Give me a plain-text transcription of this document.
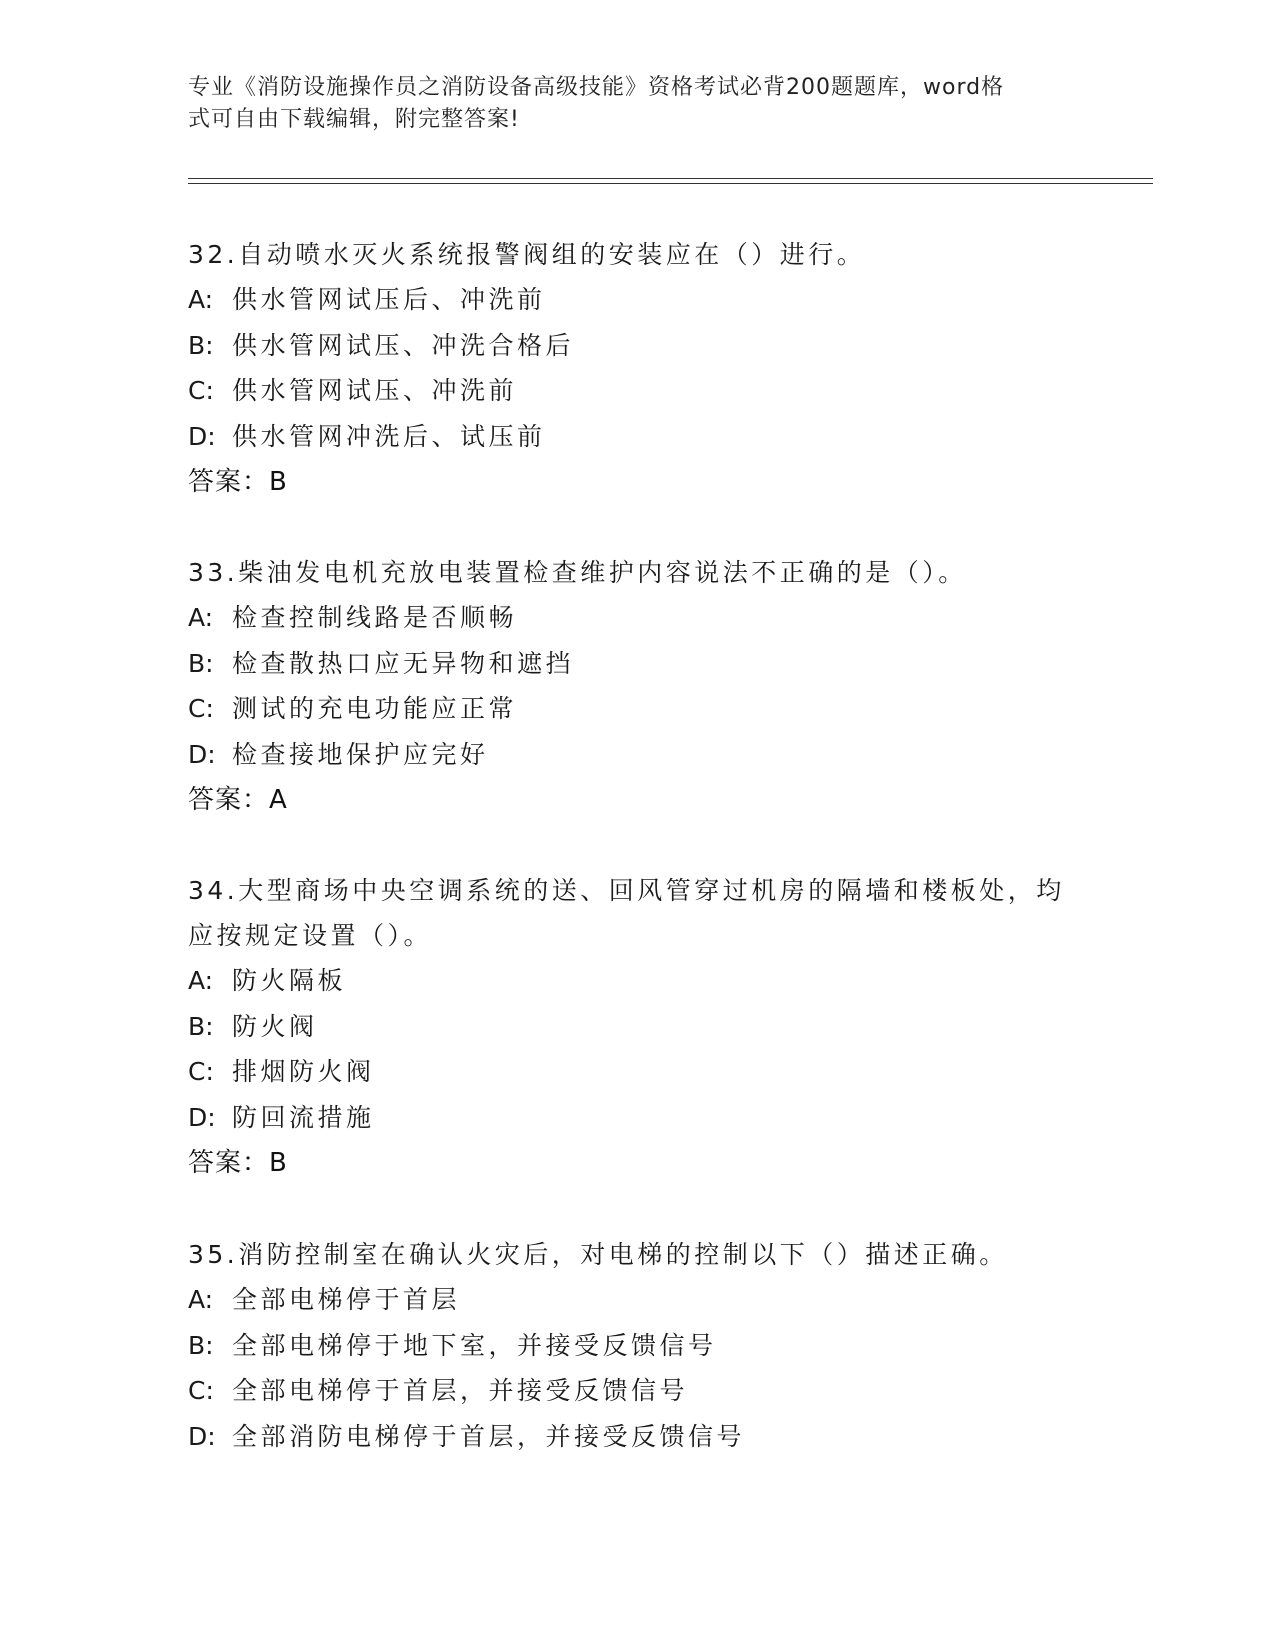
专业《消防设施操作员之消防设备高级技能》资格考试必背200题题库，word格
式可自由下载编辑，附完整答案!

32.自动喷水灭火系统报警阀组的安装应在（）进行。

A: 供水管网试压后、冲洗前

B: 供水管网试压、冲洗合格后

C: 供水管网试压、冲洗前

D: 供水管网冲洗后、试压前

答案：B

33.柴油发电机充放电装置检查维护内容说法不正确的是（）。

A: 检查控制线路是否顺畅

B: 检查散热口应无异物和遮挡

C: 测试的充电功能应正常

D: 检查接地保护应完好

答案：A

34.大型商场中央空调系统的送、回风管穿过机房的隔墙和楼板处，均应按规定设置（）。

A: 防火隔板

B: 防火阀

C: 排烟防火阀

D: 防回流措施

答案：B

35.消防控制室在确认火灾后，对电梯的控制以下（）描述正确。

A: 全部电梯停于首层

B: 全部电梯停于地下室，并接受反馈信号

C: 全部电梯停于首层，并接受反馈信号

D: 全部消防电梯停于首层，并接受反馈信号
